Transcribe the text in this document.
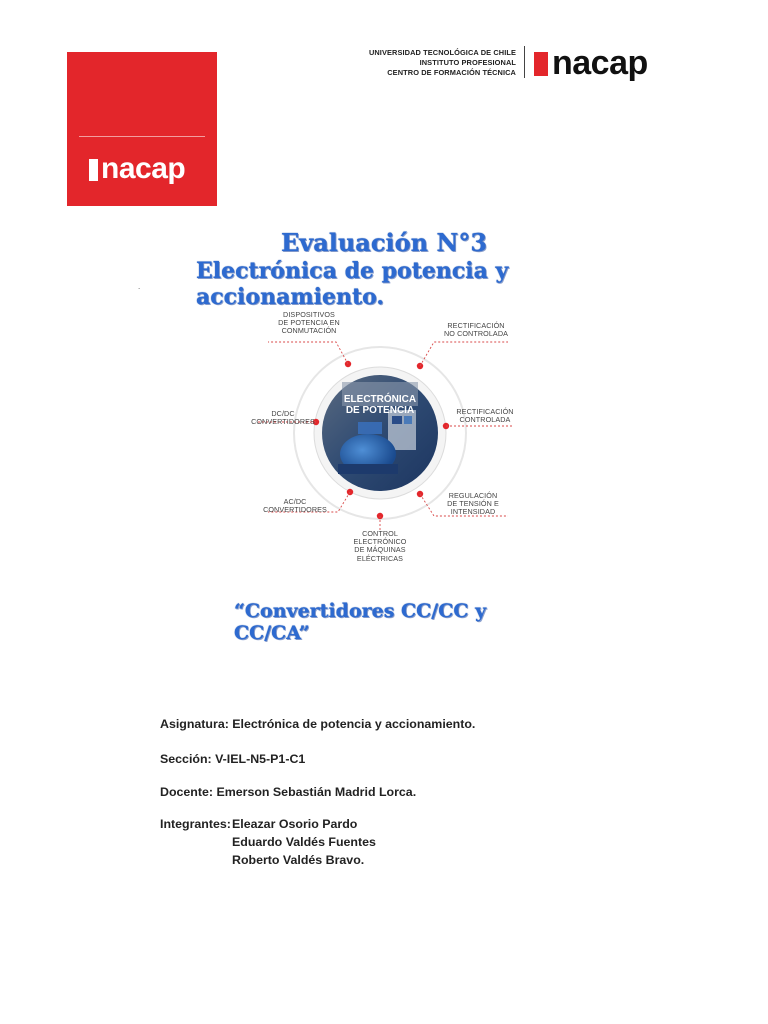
nacap
UNIVERSIDAD TECNOLÓGICA DE CHILE
INSTITUTO PROFESIONAL
CENTRO DE FORMACIÓN TÉCNICA nacap
Evaluación N°3
Electrónica de potencia y accionamiento.
.
ELECTRÓNICA
DE POTENCIA
DISPOSITIVOS
DE POTENCIA EN
CONMUTACIÓN
RECTIFICACIÓN
NO CONTROLADA
DC/DC
CONVERTIDORES
RECTIFICACIÓN
CONTROLADA
AC/DC
CONVERTIDORES
REGULACIÓN
DE TENSIÓN E
INTENSIDAD
CONTROL
ELECTRÓNICO
DE MÁQUINAS
ELÉCTRICAS
“Convertidores CC/CC y CC/CA”
Asignatura: Electrónica de potencia y accionamiento.
Sección: V-IEL-N5-P1-C1
Docente: Emerson Sebastián Madrid Lorca.
Integrantes: Eleazar Osorio Pardo
Eduardo Valdés Fuentes
Roberto Valdés Bravo.
